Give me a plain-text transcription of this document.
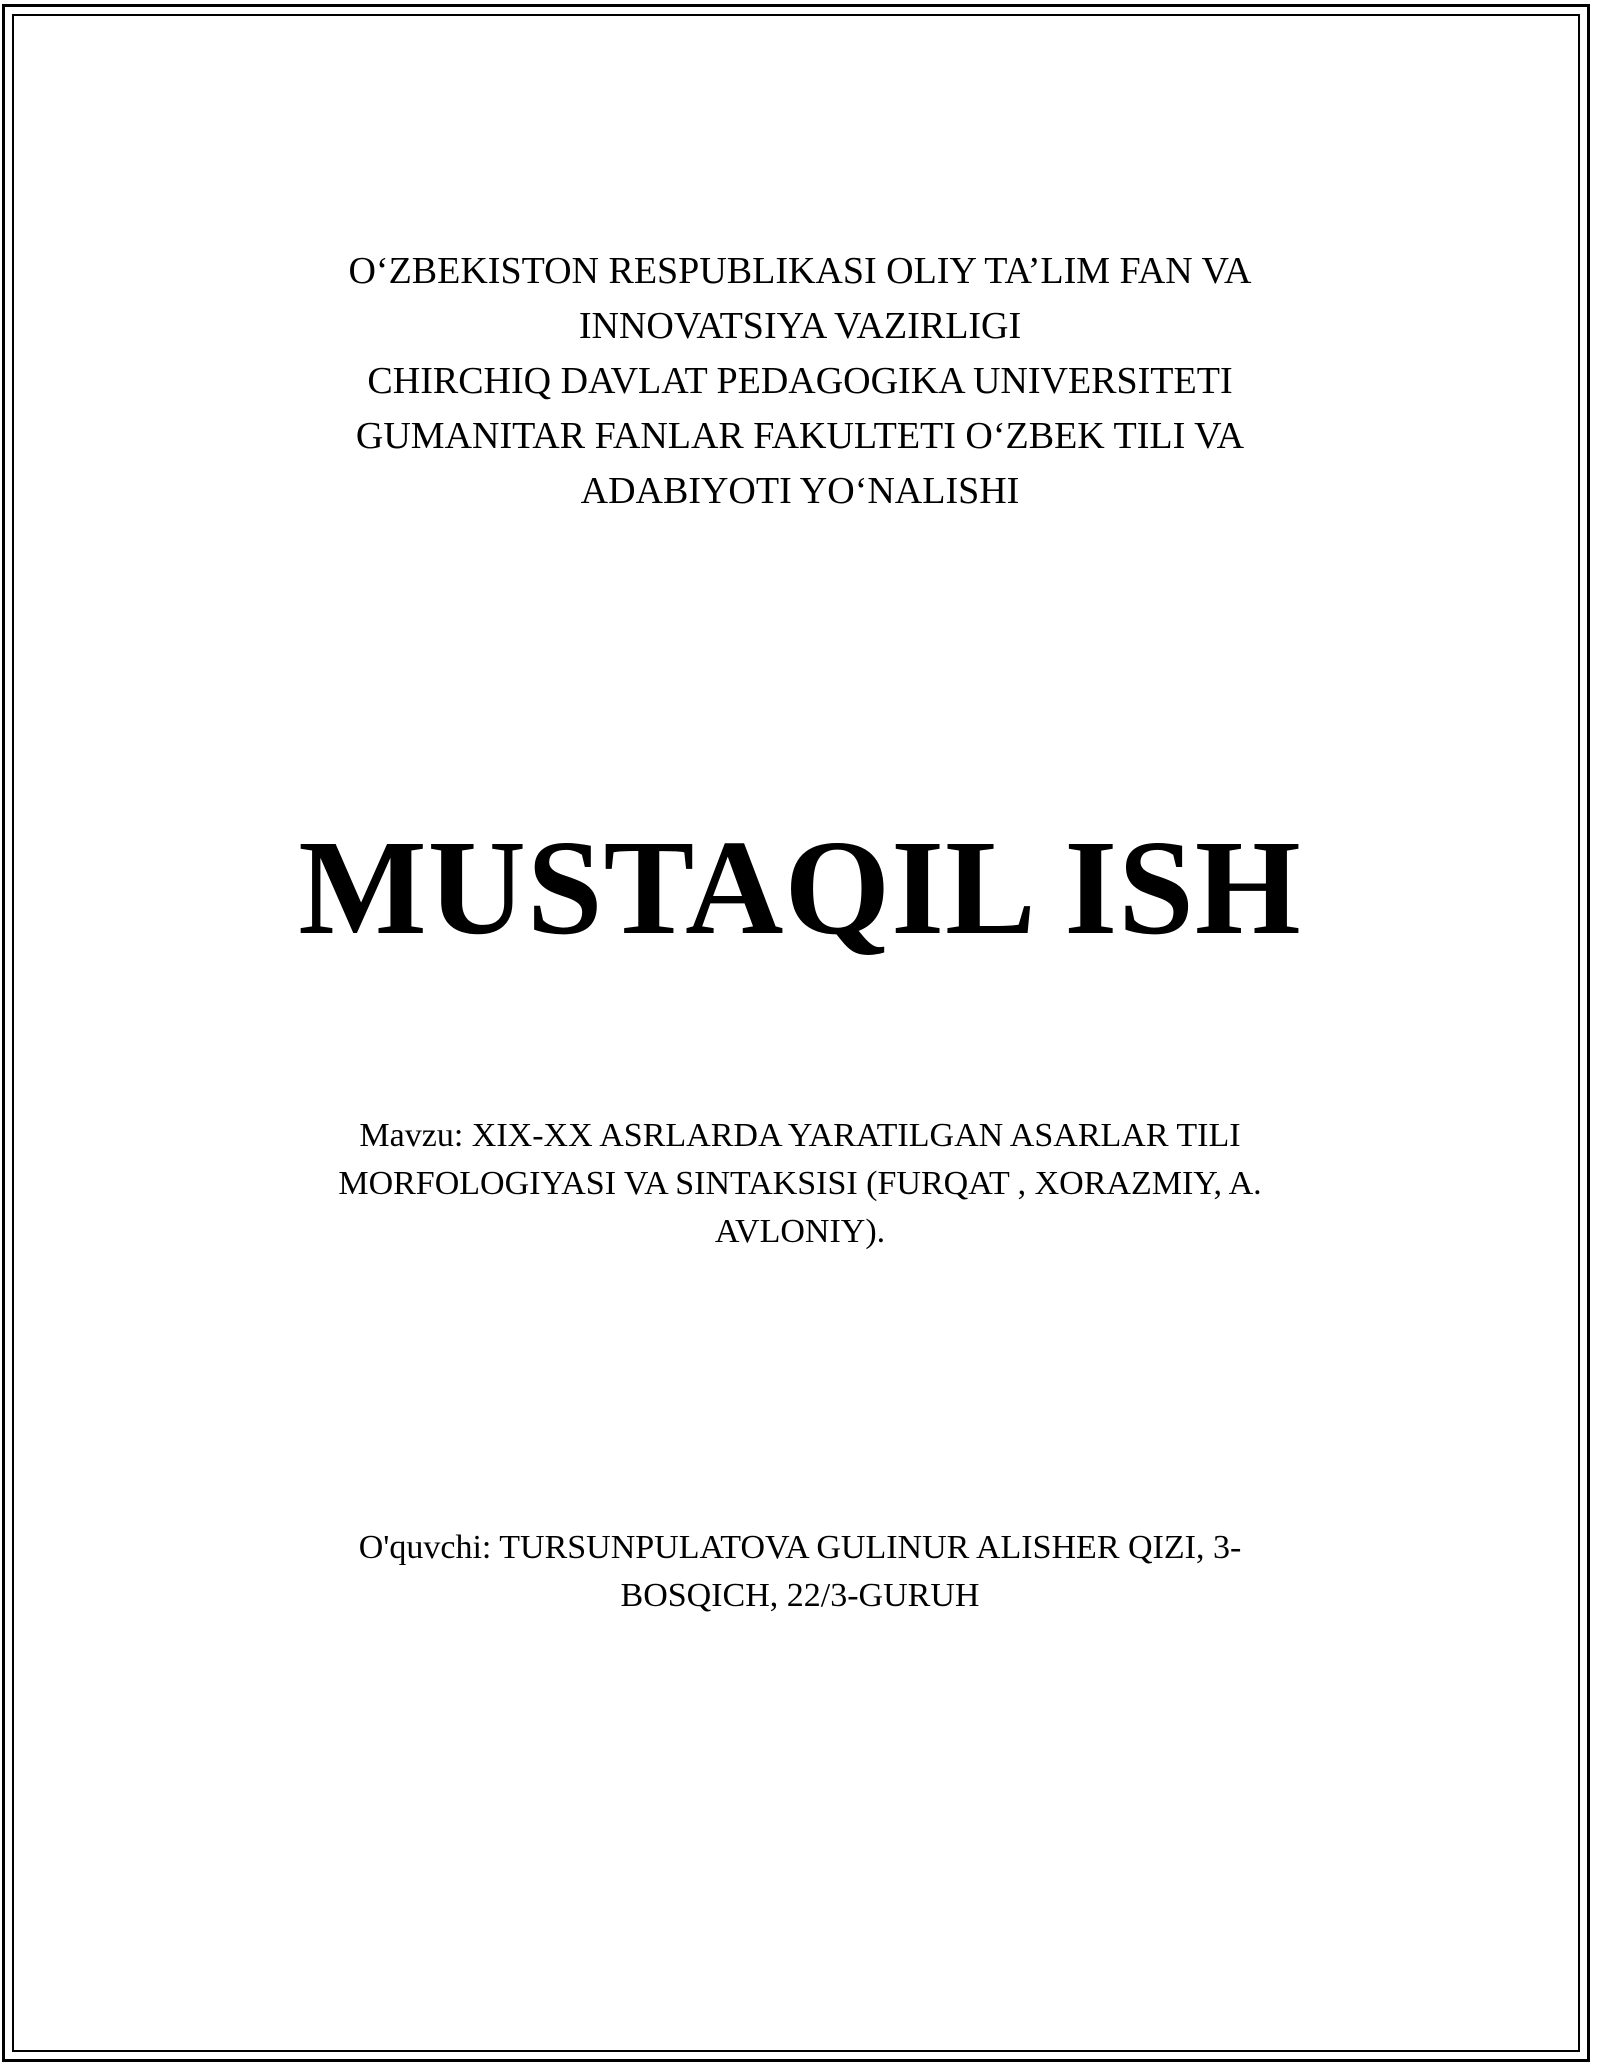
O‘ZBEKISTON RESPUBLIKASI OLIY TA’LIM FAN VA
INNOVATSIYA VAZIRLIGI
CHIRCHIQ DAVLAT PEDAGOGIKA UNIVERSITETI
GUMANITAR FANLAR FAKULTETI O‘ZBEK TILI VA
ADABIYOTI YO‘NALISHI
MUSTAQIL ISH
Mavzu: XIX-XX ASRLARDA YARATILGAN ASARLAR TILI
MORFOLOGIYASI VA SINTAKSISI (FURQAT , XORAZMIY, A.
AVLONIY).
O'quvchi: TURSUNPULATOVA GULINUR ALISHER QIZI, 3-
BOSQICH, 22/3-GURUH
